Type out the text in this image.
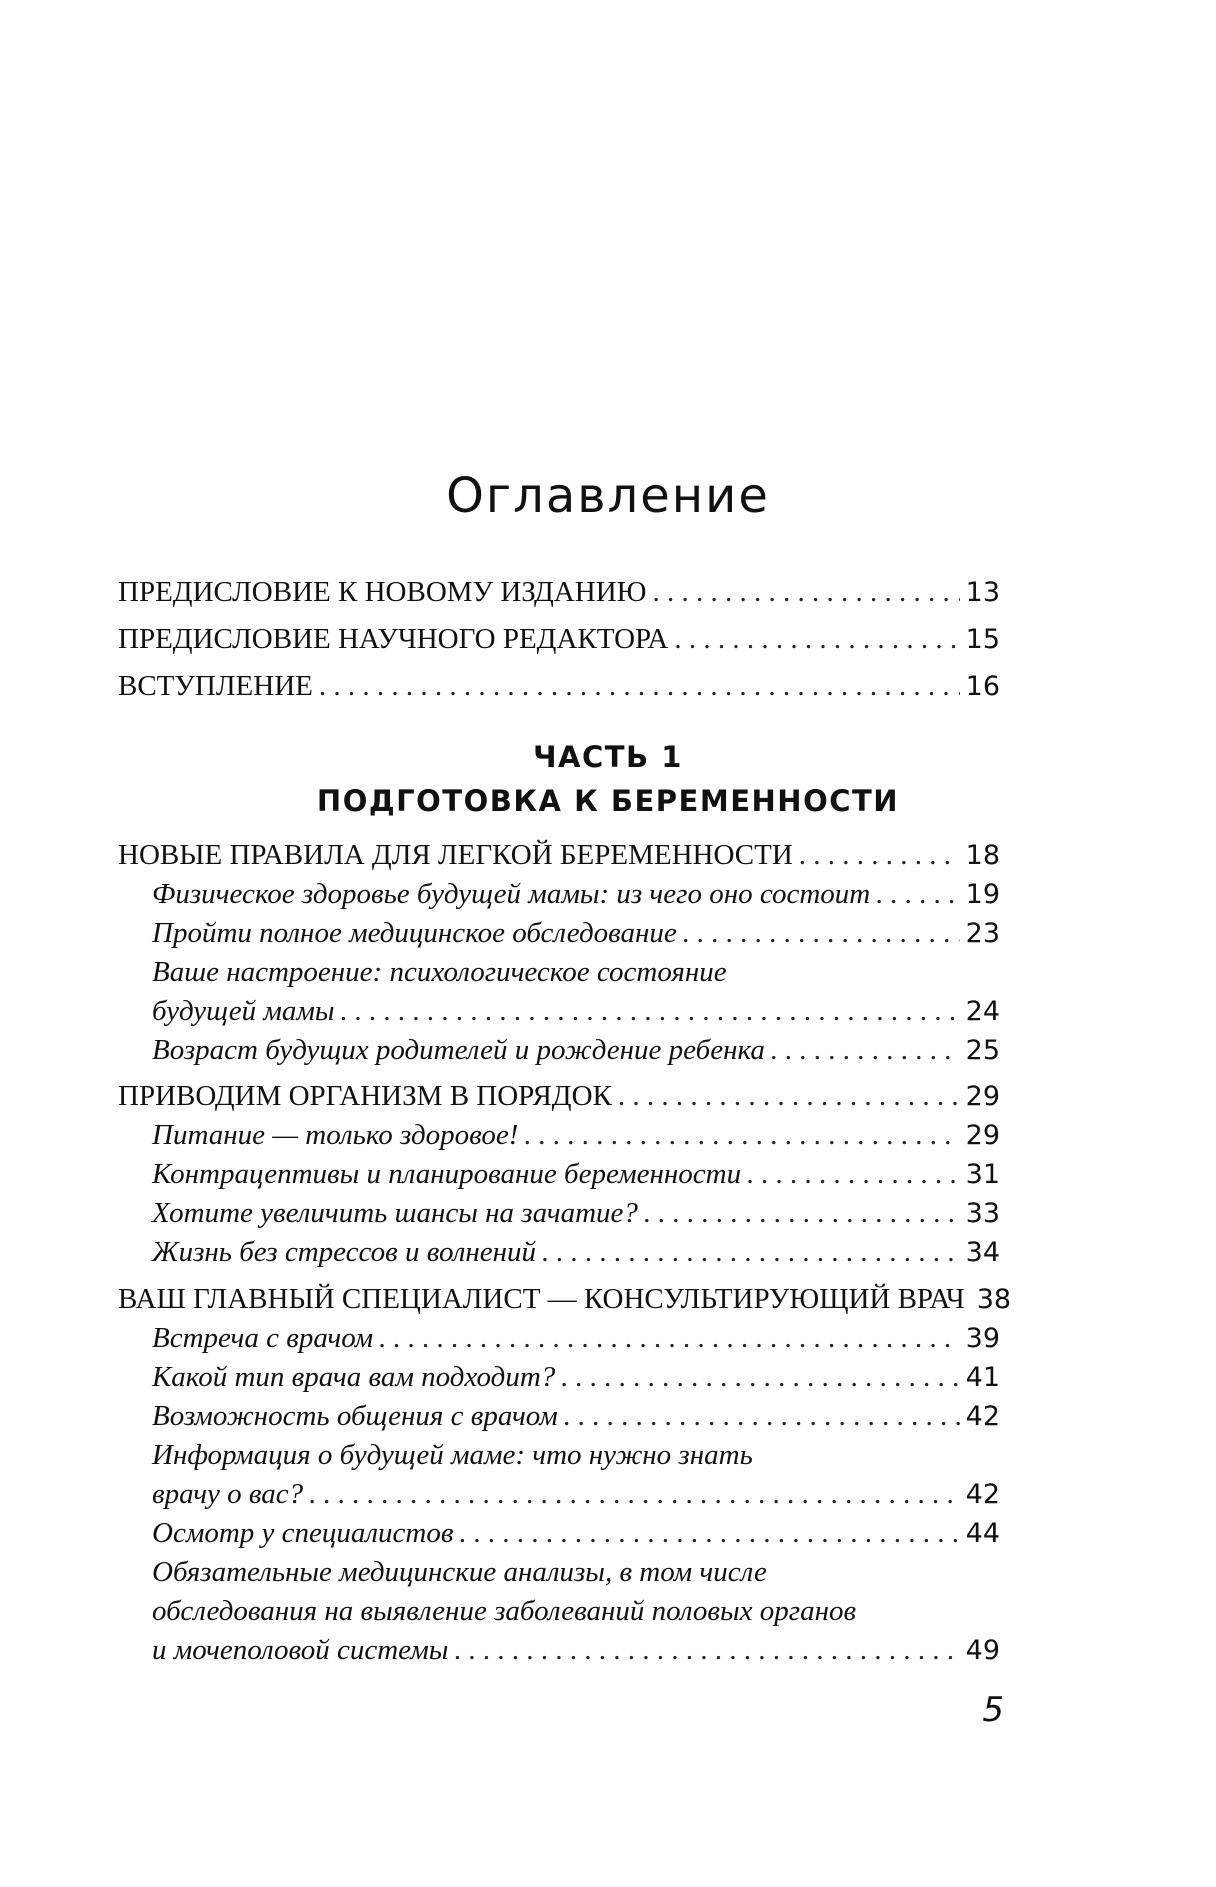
Оглавление
ПРЕДИСЛОВИЕ К НОВОМУ ИЗДАНИЮ . . .	13
ПРЕДИСЛОВИЕ НАУЧНОГО РЕДАКТОРА . . .	15
ВСТУПЛЕНИЕ . . .	16
НОВЫЕ ПРАВИЛА ДЛЯ ЛЕГКОЙ БЕРЕМЕННОСТИ . . .	18
Физическое здоровье будущей мамы: из чего оно состоит . . .	19
Пройти полное медицинское обследование . . .	23
Ваше настроение: психологическое состояние
будущей мамы . . .	24
Возраст будущих родителей и рождение ребенка . . .	25
ПРИВОДИМ ОРГАНИЗМ В ПОРЯДОК . . .	29
Питание — только здоровое! . . .	29
Контрацептивы и планирование беременности . . .	31
Хотите увеличить шансы на зачатие? . . .	33
Жизнь без стрессов и волнений . . .	34
ВАШ ГЛАВНЫЙ СПЕЦИАЛИСТ — КОНСУЛЬТИРУЮЩИЙ ВРАЧ 38
Встреча с врачом . . .	39
Какой тип врача вам подходит? . . .	41
Возможность общения с врачом . . .	42
Информация о будущей маме: что нужно знать
врачу о вас? . . .	42
Осмотр у специалистов . . .	44
Обязательные медицинские анализы, в том числе
обследования на выявление заболеваний половых органов
и мочеполовой системы . . .	49
ЧАСТЬ 1
ПОДГОТОВКА К БЕРЕМЕННОСТИ
5
